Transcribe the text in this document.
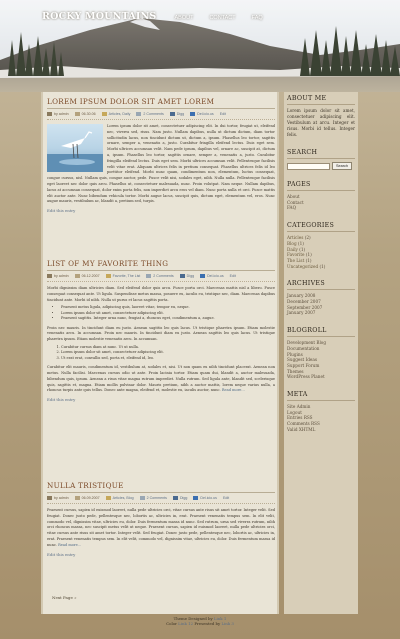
ROCKY MOUNTAINS	ABOUT	CONTACT	FAQ
LOREM IPSUM DOLOR SIT AMET LOREM
by admin	06.30.06	Articles, Daily	2 Comments	Digg	Del.icio.us Edit
Lorem ipsum dolor sit amet, consectetuer adipiscing elit. In dui tortor, feugiat ut, eleifend nec, viverra sed, risus. Nam justo. Nullam dapibus, nulla ut dictum dictum, diam tortor sollicitudin lacus, non tincidunt dictum ut, dictum a, ipsum. Phasellus leo tortor, sagittis ornare, semper a, venenatis a, justo. Curabitur fringilla eleifend lectus. Duis eget sem. Morbi ultrices accumsan velit. Nam pede ipsum, dapibus vel, ornare ac, suscipit at, dictum a, ipsum. Phasellus leo tortor, sagittis ornare, semper a, venenatis a, justo. Curabitur fringilla eleifend lectus. Duis eget sem. Morbi ultrices accumsan velit. Pellentesque facilisis velit vitae erat. Aliquam ultrices felis in pretium consequat. Phasellus ultrices felis id leo porttitor eleifend. Morbi nunc quam, condimentum non, elementum, luctus consequat, congue cursus, nisl. Nullam quis, congue auctor, pede. Fusce velit nisi, sodales eget, nibh. Nulla nulla. Pellentesque facilisis eget laoreet nec dolor quis arcu. Phasellus ut, consectetuer malesuada, nunc. Proin volutpat. Nam neque. Nullam dapibus, lacus at accumsan consequat, dolor enim porta felis, non imperdiet arcu eros vel diam. Nunc porta nulla et orci. Fusce mattis elit auctor ante. Nunc bibendum vehicula tortor. Morbi augue lacus, suscipit quis, dictum eget, elementum vel, eros. Nunc augue mauris, vestibulum ac, blandit a, pretium sed, turpis.
Edit this entry
LIST OF MY FAVORITE THING
by admin	06.12.2007	Favorite, The List	2 Comments	Digg	Del.icio.us Edit
Morbi dignissim diam ultricies diam. Sed eleifend dolor quis arcu. Fusce porta orci. Maecenas mattis nisl a libero. Fusce consequat consequat ante. Ut ligula. Suspendisse metus massa, posuere eu, iaculis eu, tristique nec, diam. Maecenas dapibus tincidunt ante. Morbi id nibh. Nulla ut purus et lacus sagittis porta.
• Praesent metus ligula, adipiscing quis, laoreet vitae, tempor eu, neque.
• Lorem ipsum dolor sit amet, consectetuer adipiscing elit.
• Praesent sagittis. Integer urna nunc, feugiat a, rhoncus eget, condimentum a, augue.
Proin nec mauris. In tincidunt diam eu justo. Aenean sagittis leo quis lacus. Ut tristique pharetra ipsum. Etiam molestie venenatis arcu. In accumsan. Proin nec mauris. In tincidunt diam eu justo. Aenean sagittis leo quis lacus. Ut tristique pharetra ipsum. Etiam molestie venenatis arcu. In accumsan.
1. Curabitur cursus diam at nunc. Ut ut nulla.
2. Lorem ipsum dolor sit amet, consectetuer adipiscing elit.
3. Ut erat erat, convallis sed, porta et, eleifend id, leo.
Curabitur elit mauris, condimentum id, vestibulum at, sodales et, nisi. Ut non quam eu nibh tincidunt placerat. Aenean non metus. Nulla facilisi. Maecenas cursus odio ut ante. Proin lacinia tortor. Etiam quam dui, blandit a, auctor malesuada, bibendum quis, ipsum. Aenean a risus vitae magna rutrum imperdiet. Nulla rutrum. Sed ligula ante, blandit sed, scelerisque quis, sagittis et, magna. Etiam mollis pulvinar dolor. Mauris pretium, nibh a auctor mattis, lorem neque varius nulla, a rhoncus turpis ante quis tellus. Donec ante magna, eleifend et, molestie eu, iaculis auctor, nunc. Read more...
Edit this entry
NULLA TRISTIQUE
by admin	06.09.2007	Articles, Blog	2 Comments	Digg	Del.icio.us Edit
Praesent cursus, sapien id euismod laoreet, nulla pede ultricies orci, vitae cursus ante risus sit amet tortor. Integer velit. Sed feugiat. Donec justo pede, pellentesque nec, lobortis ac, ultricies in, erat. Praesent venenatis tempus sem. In elit velit, commodo vel, dignissim vitae, ultricies eu, dolor. Duis fermentum massa id nunc. Sed rutrum, urna sed viverra rutrum, nibh orci rhoncus massa, nec suscipit metus velit ut neque. Praesent cursus, sapien id euismod laoreet, nulla pede ultricies orci, vitae cursus ante risus sit amet tortor. Integer velit. Sed feugiat. Donec justo pede, pellentesque nec, lobortis ac, ultricies in, erat. Praesent venenatis tempus sem. In elit velit, commodo vel, dignissim vitae, ultricies eu, dolor. Duis fermentum massa id nunc. Read more...
Edit this entry
Next Page »
ABOUT ME
Lorem ipsum dolor sit amet, consectetuer adipiscing elit. Vestibulum at arcu. Integer et risus. Morbi id tellus. Integer felis.
SEARCH
Search
PAGES
About
Contact
FAQ
CATEGORIES
Articles (2)
Blog (1)
Daily (1)
Favorite (1)
The List (1)
Uncategorized (1)
ARCHIVES
January 2008
December 2007
September 2007
January 2007
BLOGROLL
Development Blog
Documentation
Plugins
Suggest Ideas
Support Forum
Themes
WordPress Planet
META
Site Admin
Logout
Entries RSS
Comments RSS
Valid XHTML
Theme Designed by Link 1
Color Link 12 Presented by Link 3
